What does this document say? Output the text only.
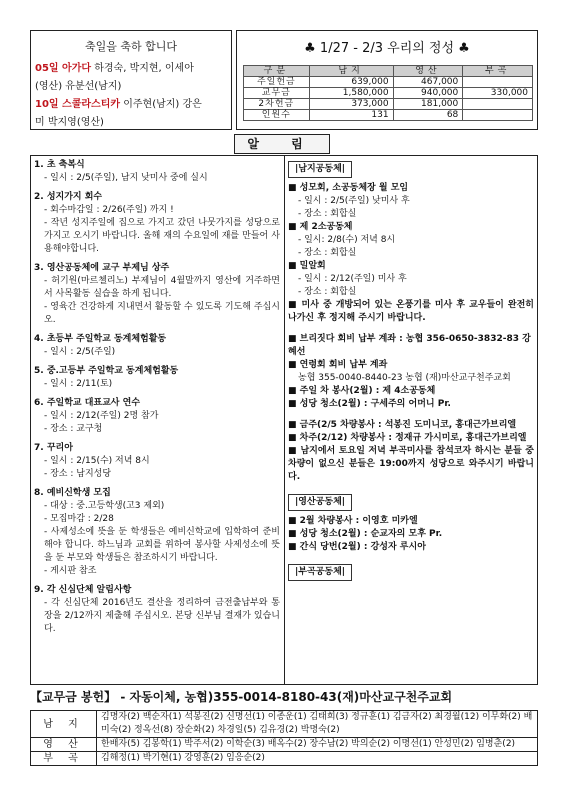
축일을 축하 합니다
05일 아가다 하경숙, 박지현, 이세아
(영산) 유분선(남지)
10일 스콜라스티카 이주현(남지) 강은
미 박지영(영산)
♣ 1/27 - 2/3 우리의 정성 ♣
구분	남지	영산	부곡
주일헌금	639,000	467,000	
교무금	1,580,000	940,000	330,000
2차헌금	373,000	181,000	
인원수	131	68	
알 림
1. 초 축복식
- 일시 : 2/5(주일), 남지 낮미사 중에 실시
2. 성지가지 회수
- 회수마감일 : 2/26(주일) 까지 !
- 작년 성지주일에 집으로 가지고 갔던 나뭇가지를 성당으로 가지고 오시기 바랍니다. 올해 재의 수요일에 재를 만들어 사용해야합니다.
3. 영산공동체에 교구 부제님 상주
- 허기원(마르첼리노) 부제님이 4월말까지 영산에 거주하면서 사목활동 실습을 하게 됩니다.
- 영육간 건강하게 지내면서 활동할 수 있도록 기도해 주십시오.
4. 초등부 주일학교 동계체험활동
- 일시 : 2/5(주일)
5. 중.고등부 주일학교 동계체험활동
- 일시 : 2/11(토)
6. 주일학교 대표교사 연수
- 일시 : 2/12(주일) 2명 참가
- 장소 : 교구청
7. 꾸리아
- 일시 : 2/15(수) 저녁 8시
- 장소 : 남지성당
8. 예비신학생 모집
- 대상 : 중.고등학생(고3 제외)
- 모집마감 : 2/28
- 사제성소에 뜻을 둔 학생들은 예비신학교에 입학하여 준비해야 합니다. 하느님과 교회를 위하여 봉사할 사제성소에 뜻을 둔 부모와 학생들은 참조하시기 바랍니다.
- 게시판 참조
9. 각 신심단체 알림사항
- 각 신심단체 2016년도 결산을 정리하여 금전출납부와 통장을 2/12까지 제출해 주십시오. 본당 신부님 결재가 있습니다.
|남지공동체|
■ 성모회, 소공동체장 월 모임
- 일시 : 2/5(주일) 낮미사 후
- 장소 : 회합실
■ 제 2소공동체
- 일시: 2/8(수) 저녁 8시
- 장소 : 회합실
■ 밀알회
- 일시 : 2/12(주일) 미사 후
- 장소 : 회합실
■ 미사 중 개방되어 있는 온풍기를 미사 후 교우들이 완전히 나가신 후 정지해 주시기 바랍니다.
■ 브리짓다 회비 납부 계좌 : 농협 356-0650-3832-83 강혜선
■ 연령회 회비 납부 계좌
농협 355-0040-8440-23 농협 (재)마산교구천주교회
■ 주일 차 봉사(2월) : 제 4소공동체
■ 성당 청소(2월) : 구세주의 어머니 Pr.
■ 금주(2/5 차량봉사 : 석봉진 도미니코, 홍대근가브리엘
■ 차주(2/12) 차량봉사 : 정재규 가시미로, 홍대근가브리엘
■ 남지에서 토요일 저녁 부곡미사를 참석코자 하시는 분들 중 차량이 없으신 분들은 19:00까지 성당으로 와주시기 바랍니다.
|영산공동체|
■ 2월 차량봉사 : 이영호 미카엘
■ 성당 청소(2월) : 순교자의 모후 Pr.
■ 간식 당번(2월) : 강성자 루시아
|부곡공동체|
【교무금 봉헌】 - 자동이체, 농협)355-0014-8180-43(재)마산교구천주교회
남 지	김명자(2) 백순자(1) 석봉진(2) 신명선(1) 이종운(1) 김태희(3) 정규훈(1) 김금자(2) 최경월(12) 이무화(2) 배미숙(2) 정옥선(8) 장순화(2) 차경일(5) 김유경(2) 박명숙(2)
영 산	한배자(5) 김봉학(1) 박주서(2) 이학순(3) 배옥수(2) 장수남(2) 박의순(2) 이명선(1) 안성민(2) 임병춘(2)
부 곡	김해정(1) 박기현(1) 강영훈(2) 임응순(2)
